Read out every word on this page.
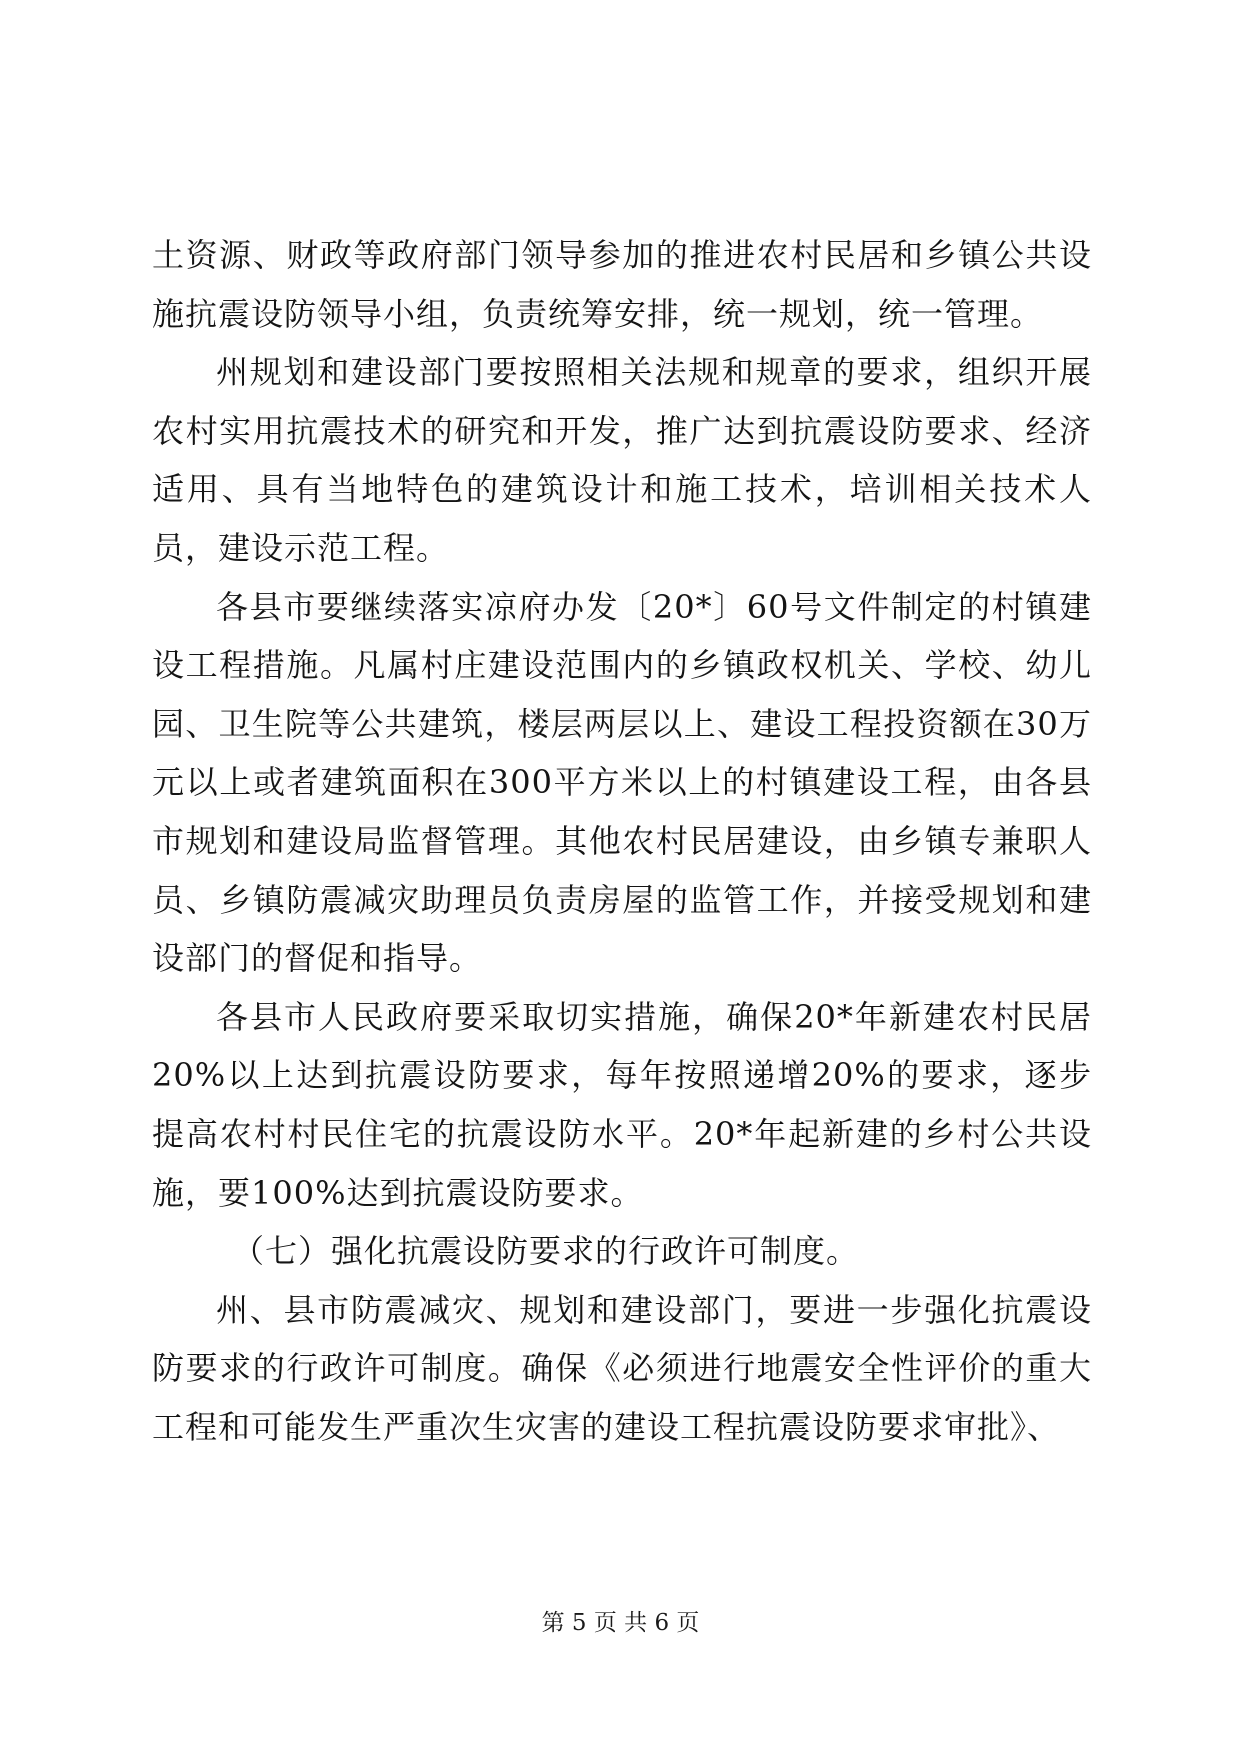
土资源、财政等政府部门领导参加的推进农村民居和乡镇公共设施抗震设防领导小组，负责统筹安排，统一规划，统一管理。

州规划和建设部门要按照相关法规和规章的要求，组织开展农村实用抗震技术的研究和开发，推广达到抗震设防要求、经济适用、具有当地特色的建筑设计和施工技术，培训相关技术人员，建设示范工程。

各县市要继续落实凉府办发〔20*〕60号文件制定的村镇建设工程措施。凡属村庄建设范围内的乡镇政权机关、学校、幼儿园、卫生院等公共建筑，楼层两层以上、建设工程投资额在30万元以上或者建筑面积在300平方米以上的村镇建设工程，由各县市规划和建设局监督管理。其他农村民居建设，由乡镇专兼职人员、乡镇防震减灾助理员负责房屋的监管工作，并接受规划和建设部门的督促和指导。

各县市人民政府要采取切实措施，确保20*年新建农村民居20%以上达到抗震设防要求，每年按照递增20%的要求，逐步提高农村村民住宅的抗震设防水平。20*年起新建的乡村公共设施，要100%达到抗震设防要求。

（七）强化抗震设防要求的行政许可制度。

州、县市防震减灾、规划和建设部门，要进一步强化抗震设防要求的行政许可制度。确保《必须进行地震安全性评价的重大工程和可能发生严重次生灾害的建设工程抗震设防要求审批》、

第 5 页 共 6 页
